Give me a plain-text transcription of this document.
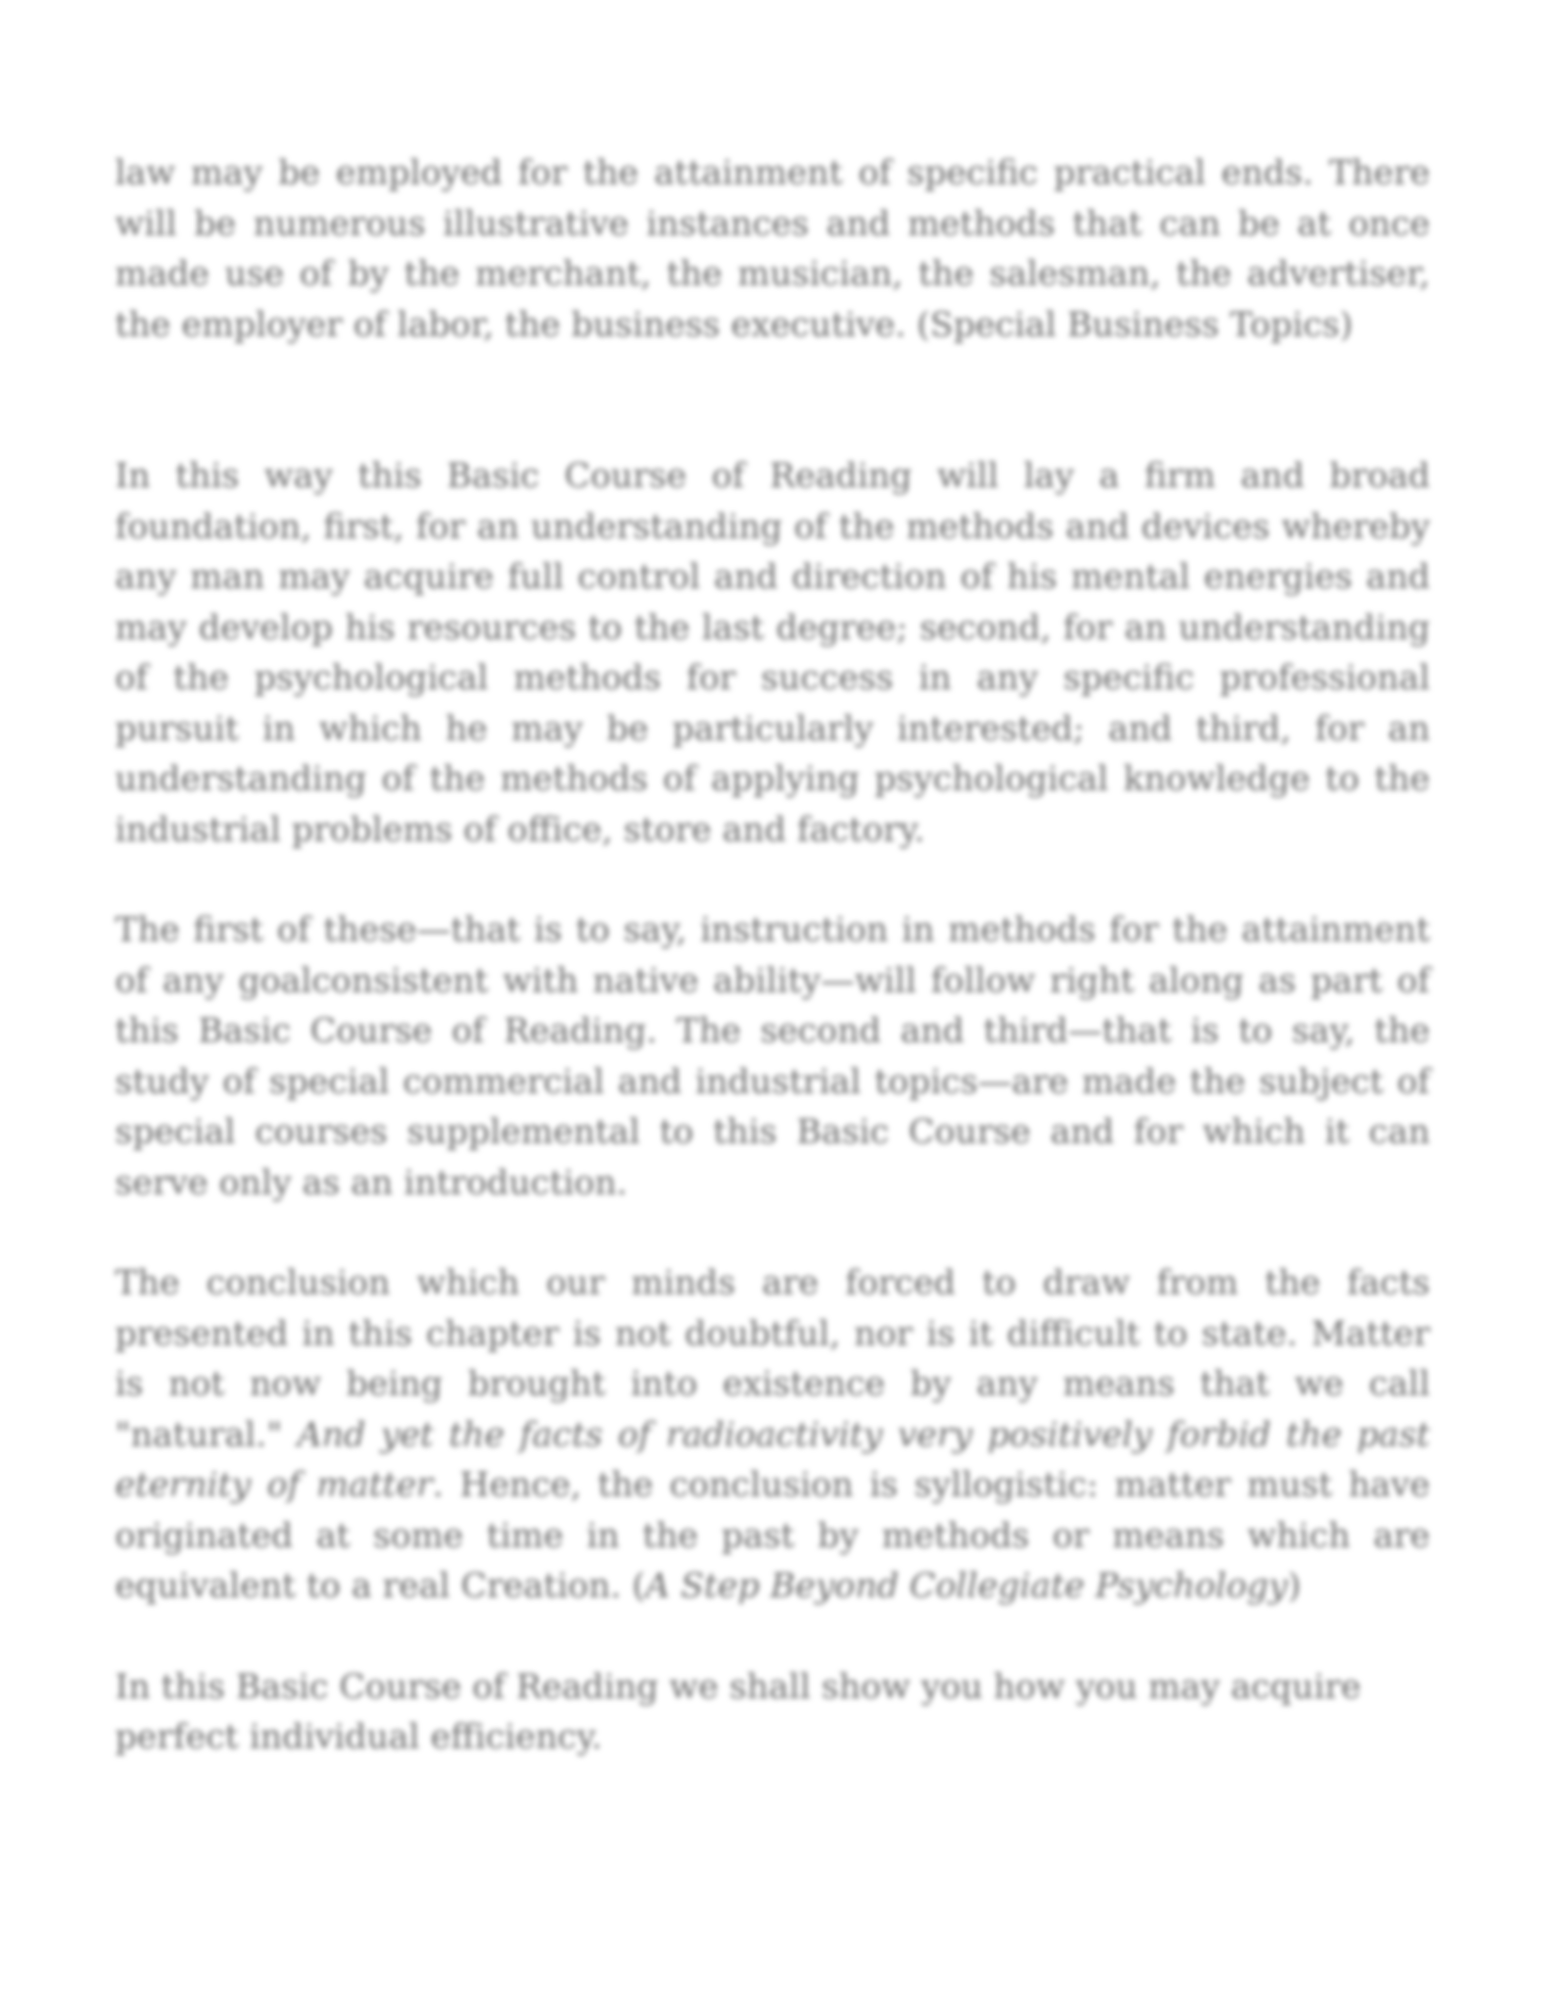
law may be employed for the attainment of specific practical ends. There will be numerous illustrative instances and methods that can be at once made use of by the merchant, the musician, the salesman, the advertiser, the employer of labor, the business executive. (Special Business Topics)

In this way this Basic Course of Reading will lay a firm and broad foundation, first, for an understanding of the methods and devices whereby any man may acquire full control and direction of his mental energies and may develop his resources to the last degree; second, for an understanding of the psychological methods for success in any specific professional pursuit in which he may be particularly interested; and third, for an understanding of the methods of applying psychological knowledge to the industrial problems of office, store and factory.

The first of these—that is to say, instruction in methods for the attainment of any goalconsistent with native ability—will follow right along as part of this Basic Course of Reading. The second and third—that is to say, the study of special commercial and industrial topics—are made the subject of special courses supplemental to this Basic Course and for which it can serve only as an introduction.

The conclusion which our minds are forced to draw from the facts presented in this chapter is not doubtful, nor is it difficult to state. Matter is not now being brought into existence by any means that we call "natural." And yet the facts of radioactivity very positively forbid the past eternity of matter. Hence, the conclusion is syllogistic: matter must have originated at some time in the past by methods or means which are equivalent to a real Creation. (A Step Beyond Collegiate Psychology)

In this Basic Course of Reading we shall show you how you may acquire
perfect individual efficiency.
